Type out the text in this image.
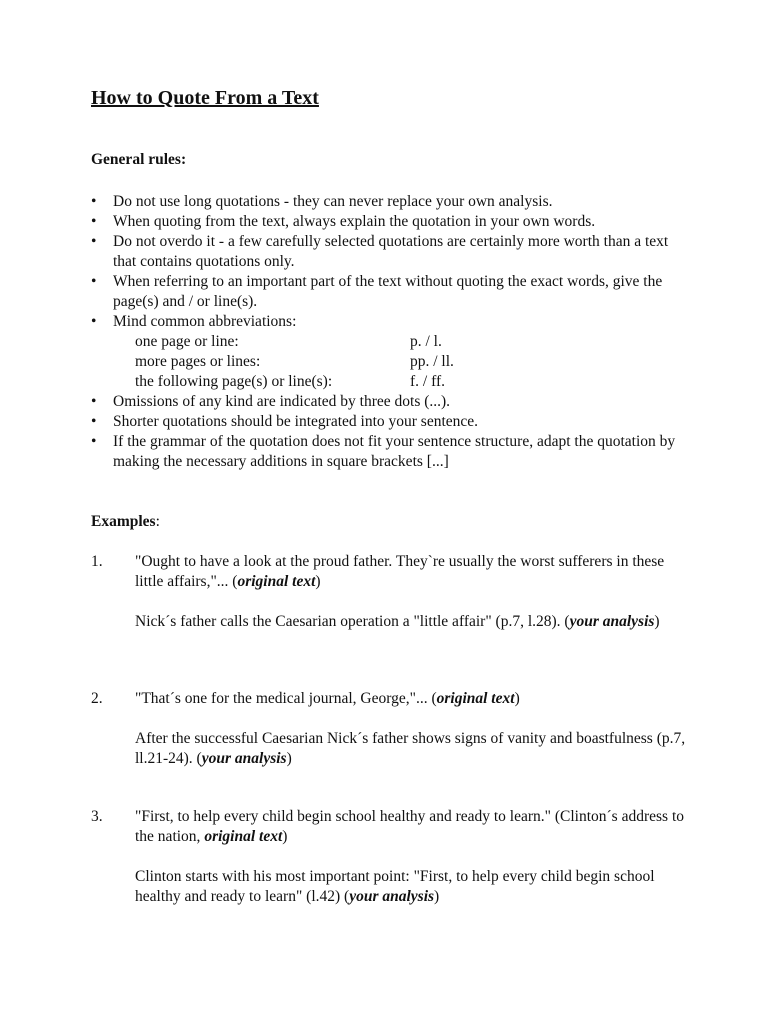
How to Quote From a Text
General rules:
• Do not use long quotations - they can never replace your own analysis.
• When quoting from the text, always explain the quotation in your own words.
• Do not overdo it - a few carefully selected quotations are certainly more worth than a text that contains quotations only.
• When referring to an important part of the text without quoting the exact words, give the page(s) and / or line(s).
• Mind common abbreviations:
one page or line:	p. / l.
more pages or lines:	pp. / ll.
the following page(s) or line(s):	f. / ff.
• Omissions of any kind are indicated by three dots (...).
• Shorter quotations should be integrated into your sentence.
• If the grammar of the quotation does not fit your sentence structure, adapt the quotation by making the necessary additions in square brackets [...]
Examples:
1. "Ought to have a look at the proud father. They`re usually the worst sufferers in these little affairs,"... (original text)
Nick´s father calls the Caesarian operation a "little affair" (p.7, l.28). (your analysis)
2. "That´s one for the medical journal, George,"... (original text)
After the successful Caesarian Nick´s father shows signs of vanity and boastfulness (p.7, ll.21-24). (your analysis)
3. "First, to help every child begin school healthy and ready to learn." (Clinton´s address to the nation, original text)
Clinton starts with his most important point: "First, to help every child begin school healthy and ready to learn" (l.42) (your analysis)
